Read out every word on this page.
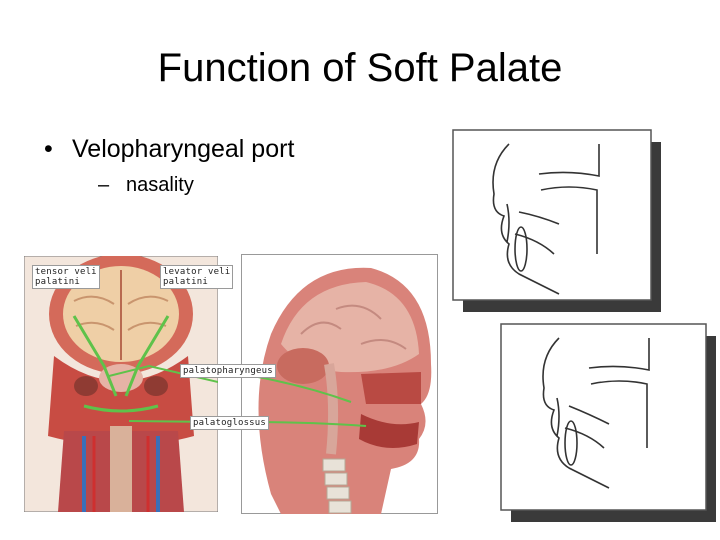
Function of Soft Palate
• Velopharyngeal port
– nasality
tensor veli
palatini
levator veli
palatini
palatopharyngeus
palatoglossus
